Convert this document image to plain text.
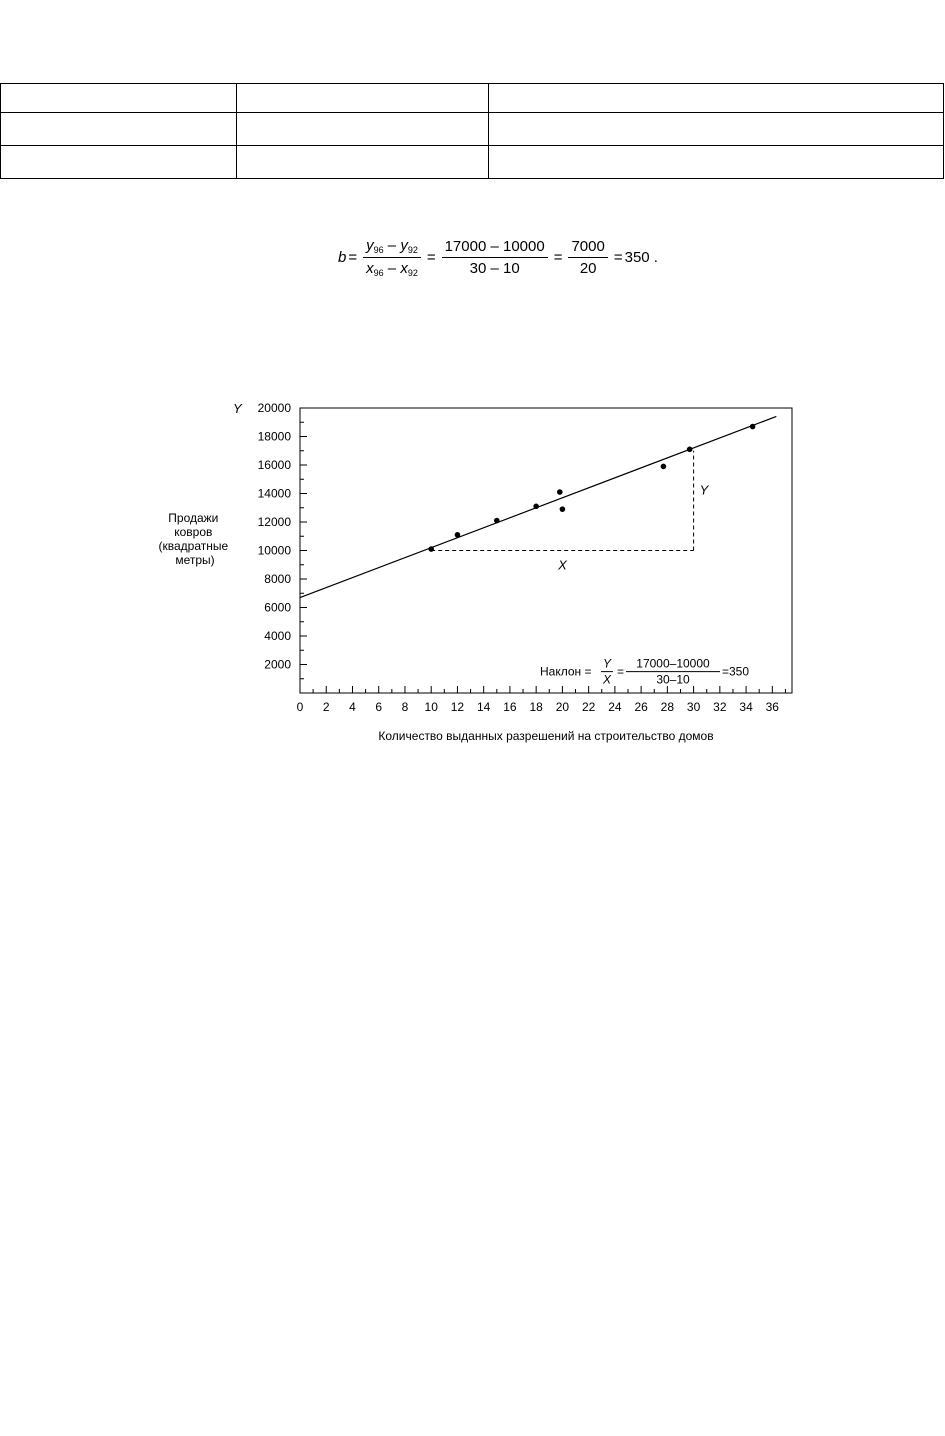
$b = \frac{y_{96} - y_{92}}{x_{96} - x_{92}} = \frac{17000 - 10000}{30 - 10} = \frac{7000}{20} = 350$ .
2000
4000
6000
8000
10000
12000
14000
16000
18000
20000
0 2 4 6 8 10 12 14 16 18 20 22 24 26 28 30 32 34 36
X
Y
Y
Продажи ковров (квадратные метры)
Количество выданных разрешений на строительство домов
Наклон =
Y
X
=
17000–10000
30–10
=350
